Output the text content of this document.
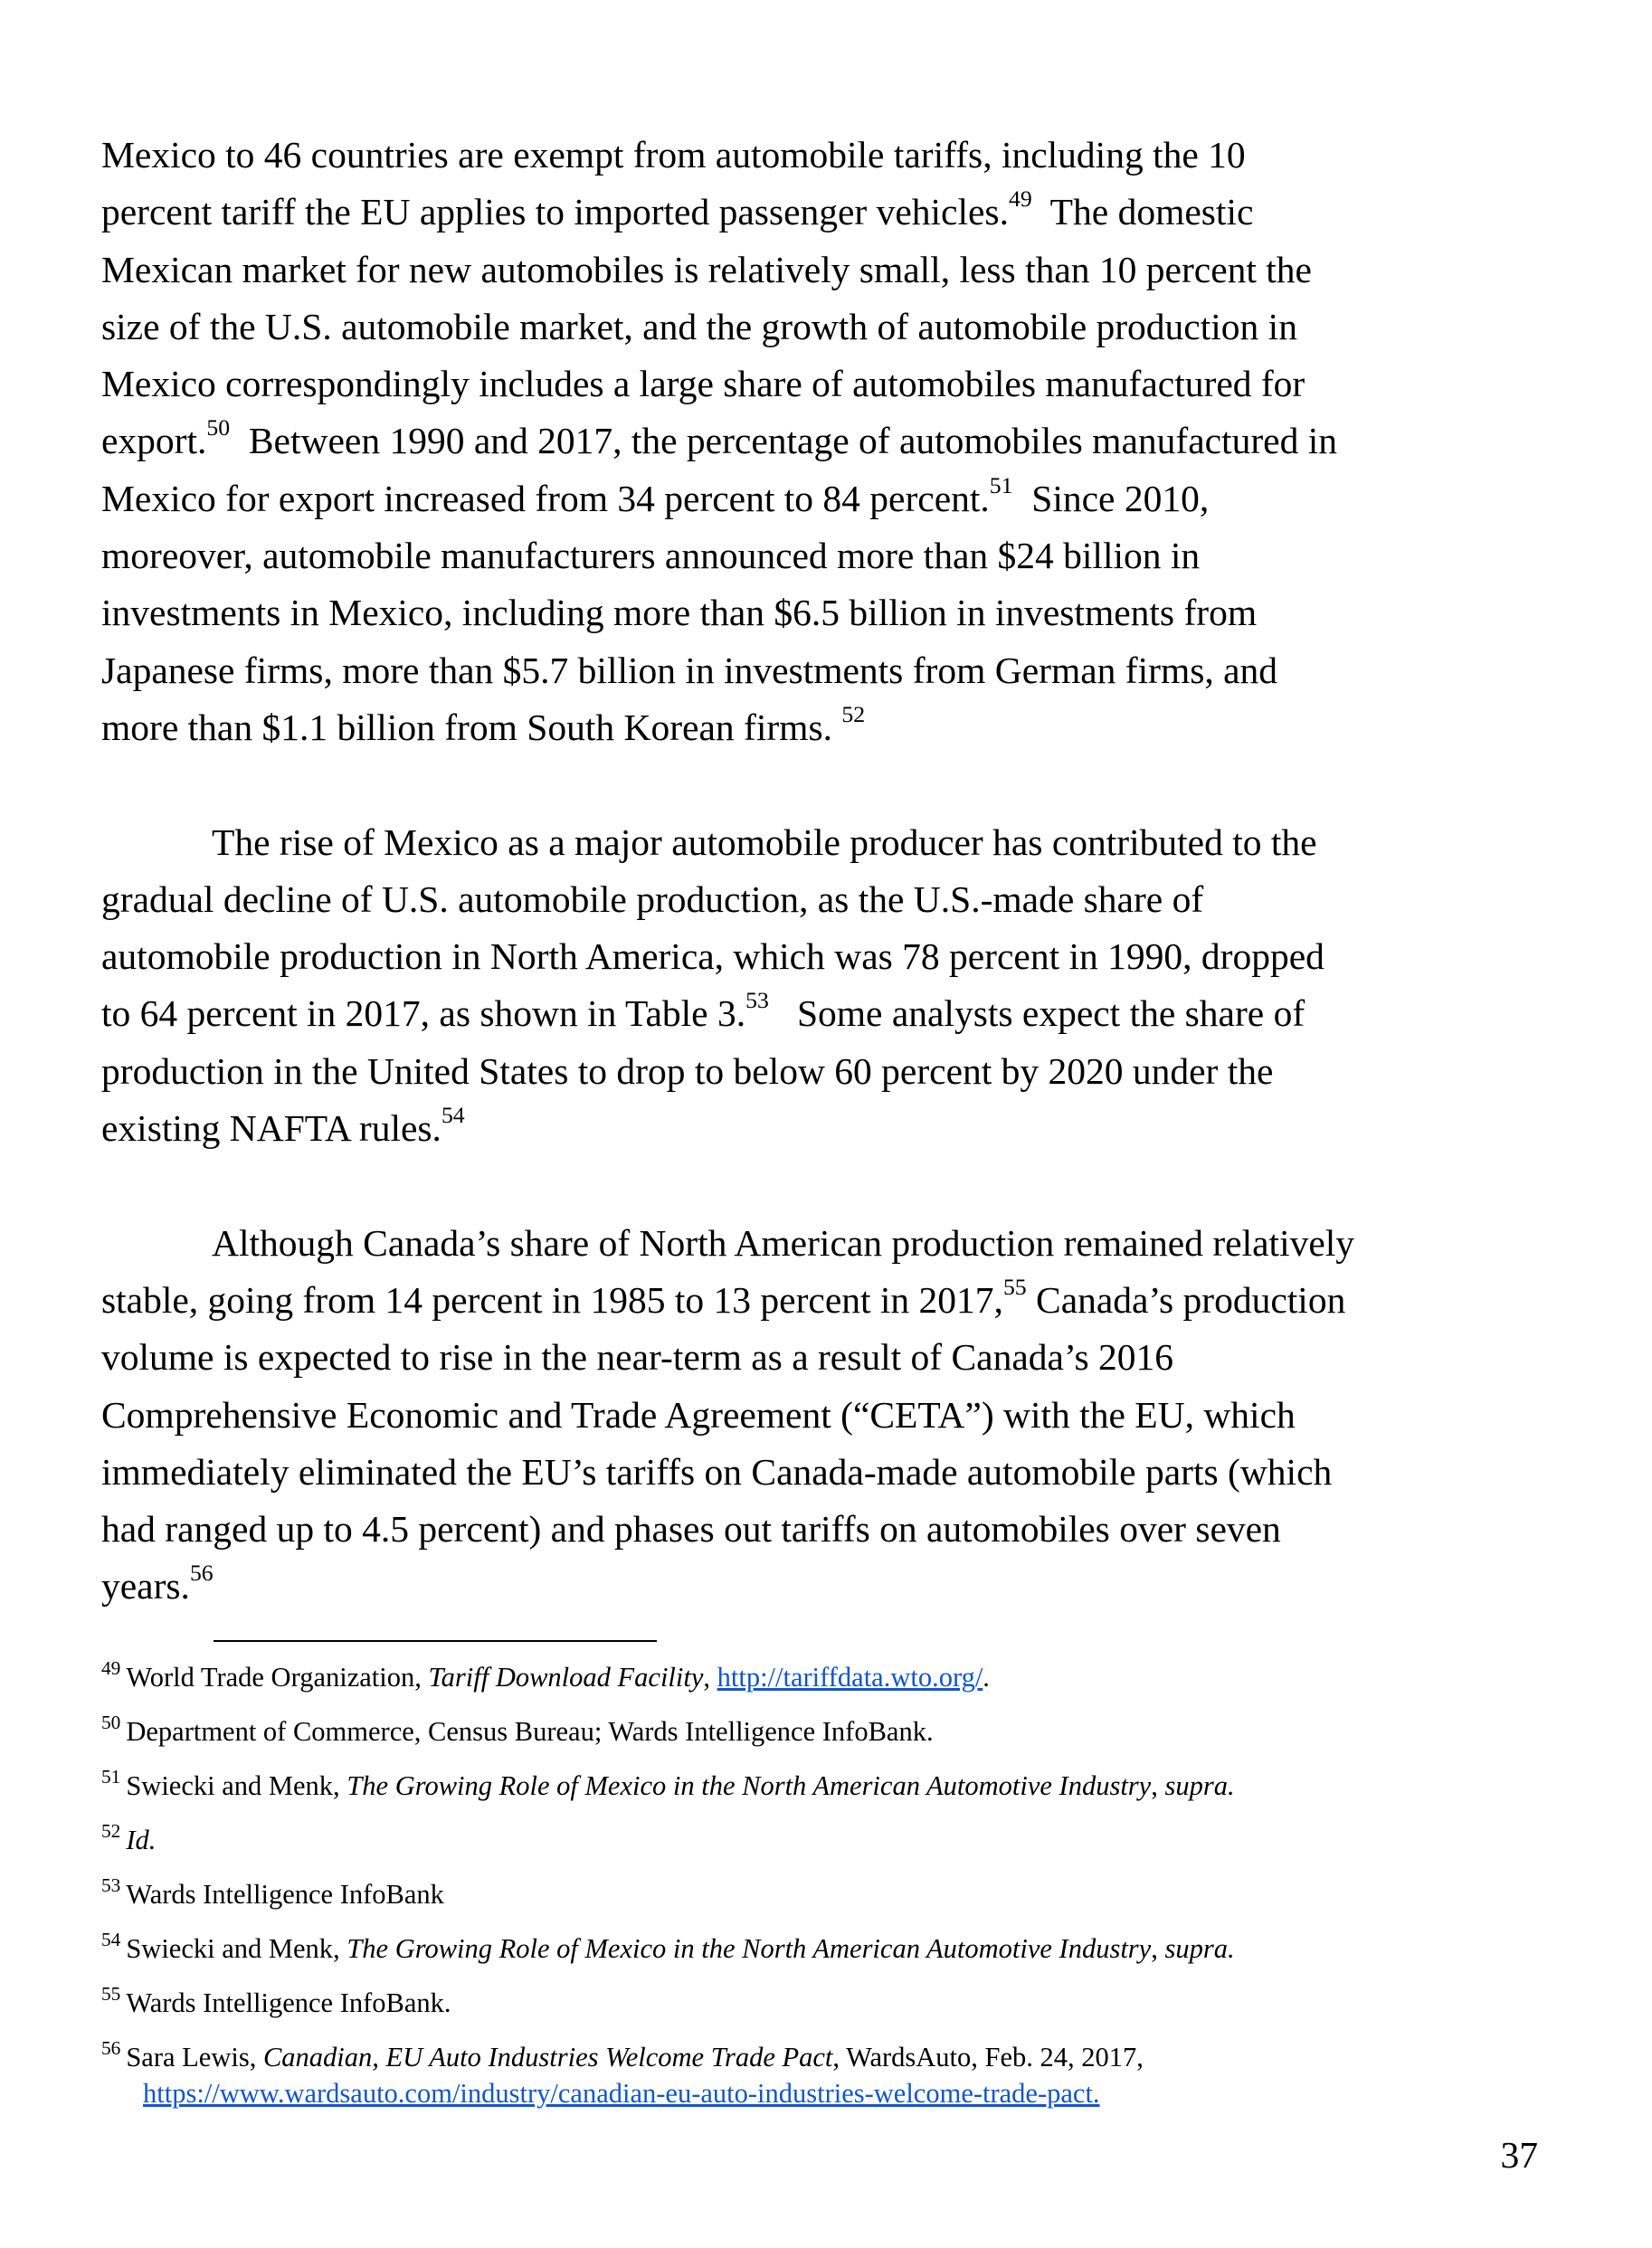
Mexico to 46 countries are exempt from automobile tariffs, including the 10

percent tariff the EU applies to imported passenger vehicles.$^{49}$  The domestic

Mexican market for new automobiles is relatively small, less than 10 percent the

size of the U.S. automobile market, and the growth of automobile production in

Mexico correspondingly includes a large share of automobiles manufactured for

export.$^{50}$  Between 1990 and 2017, the percentage of automobiles manufactured in

Mexico for export increased from 34 percent to 84 percent.$^{51}$  Since 2010,

moreover, automobile manufacturers announced more than $24 billion in

investments in Mexico, including more than $6.5 billion in investments from

Japanese firms, more than $5.7 billion in investments from German firms, and

more than $1.1 billion from South Korean firms. $^{52}$

The rise of Mexico as a major automobile producer has contributed to the

gradual decline of U.S. automobile production, as the U.S.-made share of

automobile production in North America, which was 78 percent in 1990, dropped

to 64 percent in 2017, as shown in Table 3.53   Some analysts expect the share of

production in the United States to drop to below 60 percent by 2020 under the

existing NAFTA rules.$^{54}$

Although Canada’s share of North American production remained relatively

stable, going from 14 percent in 1985 to 13 percent in 2017,55 Canada’s production

volume is expected to rise in the near-term as a result of Canada’s 2016

Comprehensive Economic and Trade Agreement (“CETA”) with the EU, which

immediately eliminated the EU’s tariffs on Canada-made automobile parts (which

had ranged up to 4.5 percent) and phases out tariffs on automobiles over seven

years.$^{56}$

$^{49}$ World Trade Organization, Tariff Download Facility, http://tariffdata.wto.org/.
$^{50}$ Department of Commerce, Census Bureau; Wards Intelligence InfoBank.
$^{51}$ Swiecki and Menk, The Growing Role of Mexico in the North American Automotive Industry, supra.
$^{52}$ Id.
$^{53}$ Wards Intelligence InfoBank
$^{54}$ Swiecki and Menk, The Growing Role of Mexico in the North American Automotive Industry, supra.
$^{55}$ Wards Intelligence InfoBank.
$^{56}$ Sara Lewis, Canadian, EU Auto Industries Welcome Trade Pact, WardsAuto, Feb. 24, 2017,
https://www.wardsauto.com/industry/canadian-eu-auto-industries-welcome-trade-pact.
37
